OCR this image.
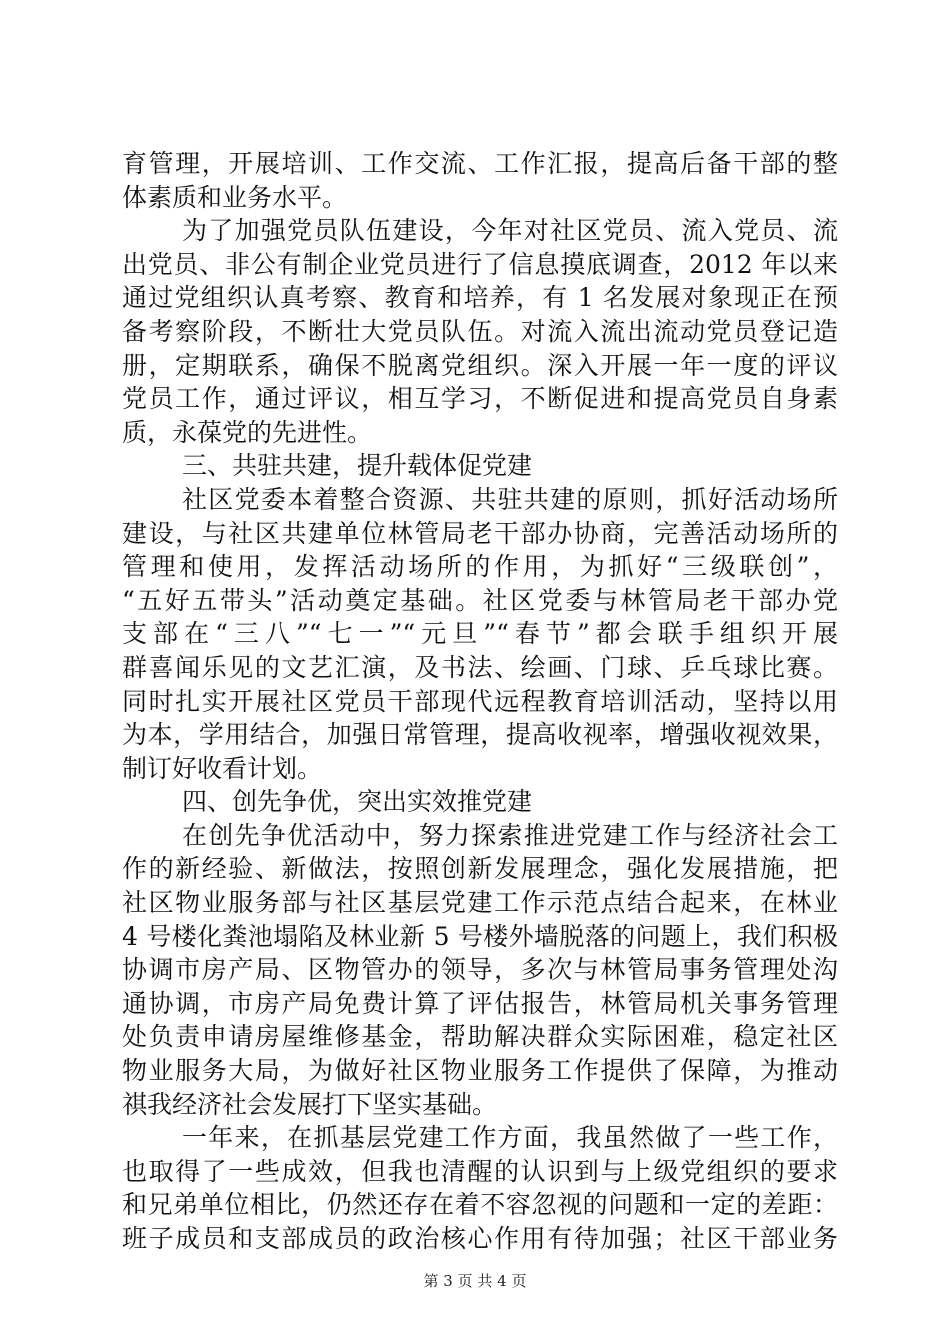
育管理，开展培训、工作交流、工作汇报，提高后备干部的整
体素质和业务水平。
为了加强党员队伍建设，今年对社区党员、流入党员、流
出党员、非公有制企业党员进行了信息摸底调查，2012 年以来
通过党组织认真考察、教育和培养，有 1 名发展对象现正在预
备考察阶段，不断壮大党员队伍。对流入流出流动党员登记造
册，定期联系，确保不脱离党组织。深入开展一年一度的评议
党员工作，通过评议，相互学习，不断促进和提高党员自身素
质，永葆党的先进性。
三、共驻共建，提升载体促党建
社区党委本着整合资源、共驻共建的原则，抓好活动场所
建设，与社区共建单位林管局老干部办协商，完善活动场所的
管理和使用，发挥活动场所的作用，为抓好“三级联创”，
“五好五带头”活动奠定基础。社区党委与林管局老干部办党
支部在“三八”“七一”“元旦”“春节”都会联手组织开展
群喜闻乐见的文艺汇演，及书法、绘画、门球、乒乓球比赛。
同时扎实开展社区党员干部现代远程教育培训活动，坚持以用
为本，学用结合，加强日常管理，提高收视率，增强收视效果，
制订好收看计划。
四、创先争优，突出实效推党建
在创先争优活动中，努力探索推进党建工作与经济社会工
作的新经验、新做法，按照创新发展理念，强化发展措施，把
社区物业服务部与社区基层党建工作示范点结合起来，在林业
4 号楼化粪池塌陷及林业新 5 号楼外墙脱落的问题上，我们积极
协调市房产局、区物管办的领导，多次与林管局事务管理处沟
通协调，市房产局免费计算了评估报告，林管局机关事务管理
处负责申请房屋维修基金，帮助解决群众实际困难，稳定社区
物业服务大局，为做好社区物业服务工作提供了保障，为推动
祺我经济社会发展打下坚实基础。
一年来，在抓基层党建工作方面，我虽然做了一些工作，
也取得了一些成效，但我也清醒的认识到与上级党组织的要求
和兄弟单位相比，仍然还存在着不容忽视的问题和一定的差距：
班子成员和支部成员的政治核心作用有待加强；社区干部业务
第 3 页 共 4 页
